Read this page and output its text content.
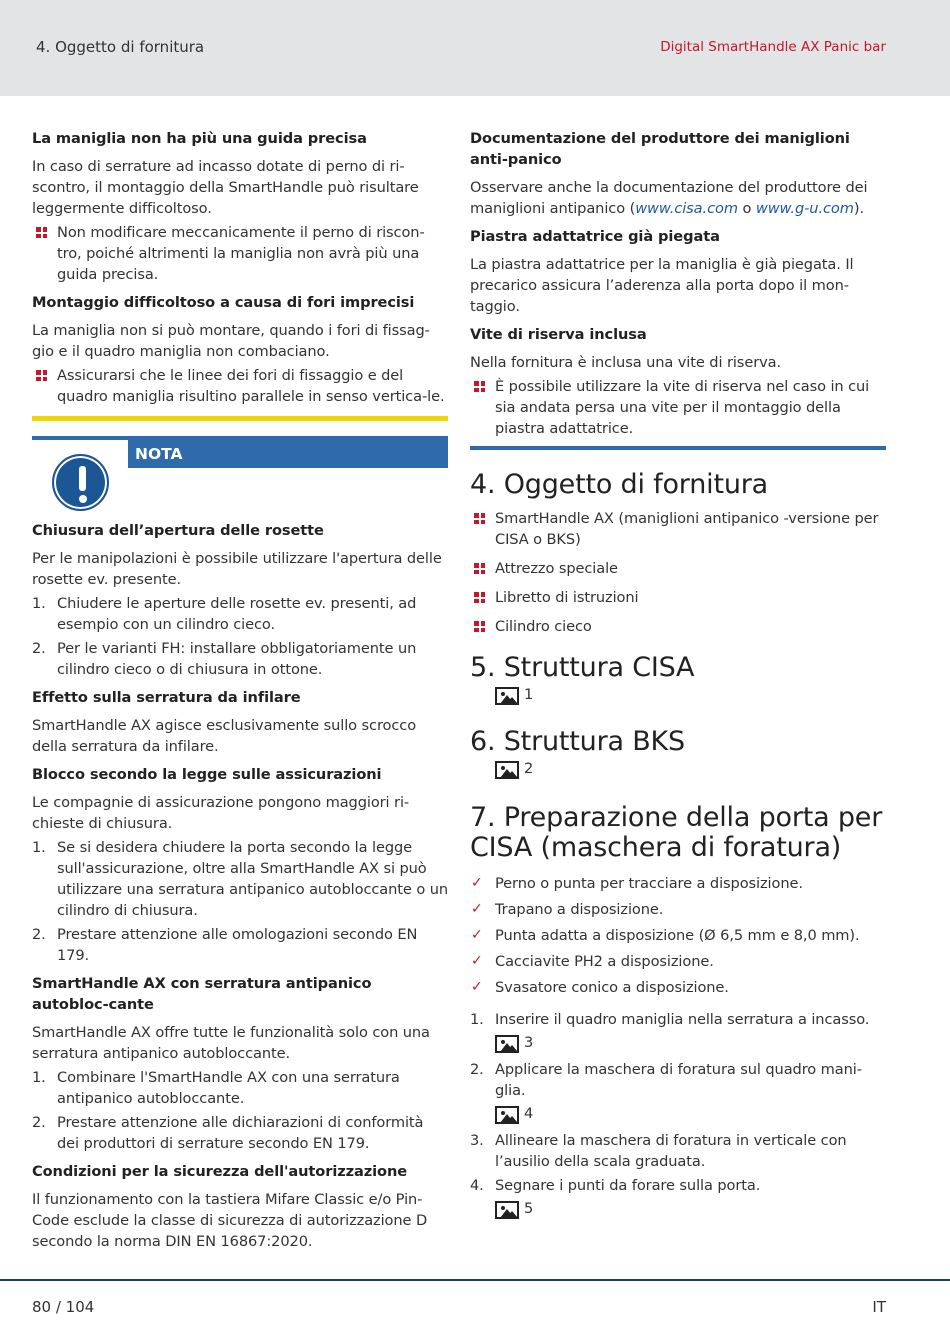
4. Oggetto di fornitura	Digital SmartHandle AX Panic bar
La maniglia non ha più una guida precisa
In caso di serrature ad incasso dotate di perno di ri-scontro, il montaggio della SmartHandle può risultare leggermente difficoltoso.
Non modificare meccanicamente il perno di riscon-tro, poiché altrimenti la maniglia non avrà più una guida precisa.
Montaggio difficoltoso a causa di fori imprecisi
La maniglia non si può montare, quando i fori di fissag-gio e il quadro maniglia non combaciano.
Assicurarsi che le linee dei fori di fissaggio e del quadro maniglia risultino parallele in senso vertica-le.
NOTA
Chiusura dell’apertura delle rosette
Per le manipolazioni è possibile utilizzare l'apertura delle rosette ev. presente.
1. Chiudere le aperture delle rosette ev. presenti, ad esempio con un cilindro cieco.
2. Per le varianti FH: installare obbligatoriamente un cilindro cieco o di chiusura in ottone.
Effetto sulla serratura da infilare
SmartHandle AX agisce esclusivamente sullo scrocco della serratura da infilare.
Blocco secondo la legge sulle assicurazioni
Le compagnie di assicurazione pongono maggiori ri-chieste di chiusura.
1. Se si desidera chiudere la porta secondo la legge sull'assicurazione, oltre alla SmartHandle AX si può utilizzare una serratura antipanico autobloccante o un cilindro di chiusura.
2. Prestare attenzione alle omologazioni secondo EN 179.
SmartHandle AX con serratura antipanico autobloc-cante
SmartHandle AX offre tutte le funzionalità solo con una serratura antipanico autobloccante.
1. Combinare l'SmartHandle AX con una serratura antipanico autobloccante.
2. Prestare attenzione alle dichiarazioni di conformità dei produttori di serrature secondo EN 179.
Condizioni per la sicurezza dell'autorizzazione
Il funzionamento con la tastiera Mifare Classic e/o Pin-Code esclude la classe di sicurezza di autorizzazione D secondo la norma DIN EN 16867:2020.
Documentazione del produttore dei maniglioni anti-panico
Osservare anche la documentazione del produttore dei maniglioni antipanico (www.cisa.com o www.g-u.com).
Piastra adattatrice già piegata
La piastra adattatrice per la maniglia è già piegata. Il precarico assicura l’aderenza alla porta dopo il mon-taggio.
Vite di riserva inclusa
Nella fornitura è inclusa una vite di riserva.
È possibile utilizzare la vite di riserva nel caso in cui sia andata persa una vite per il montaggio della piastra adattatrice.
4. Oggetto di fornitura
SmartHandle AX (maniglioni antipanico -versione per CISA o BKS)
Attrezzo speciale
Libretto di istruzioni
Cilindro cieco
5. Struttura CISA
1
6. Struttura BKS
2
7. Preparazione della porta per CISA (maschera di foratura)
✓ Perno o punta per tracciare a disposizione.
✓ Trapano a disposizione.
✓ Punta adatta a disposizione (Ø 6,5 mm e 8,0 mm).
✓ Cacciavite PH2 a disposizione.
✓ Svasatore conico a disposizione.
1. Inserire il quadro maniglia nella serratura a incasso.
3
2. Applicare la maschera di foratura sul quadro mani-glia.
4
3. Allineare la maschera di foratura in verticale con l’ausilio della scala graduata.
4. Segnare i punti da forare sulla porta.
5
80 / 104	IT
